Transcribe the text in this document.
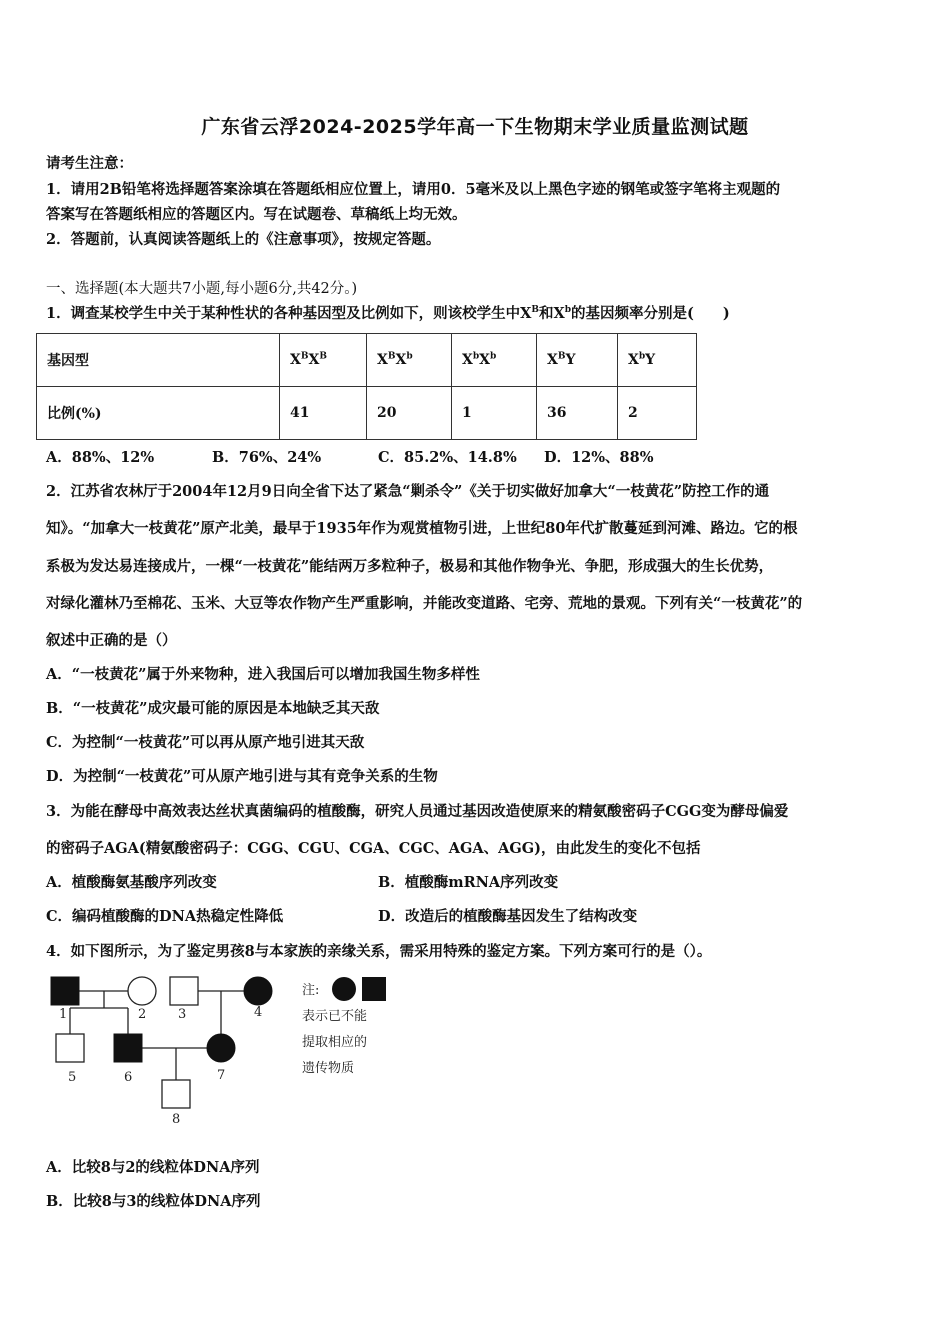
广东省云浮2024-2025学年高一下生物期末学业质量监测试题
请考生注意：
1．请用2B铅笔将选择题答案涂填在答题纸相应位置上，请用0．5毫米及以上黑色字迹的钢笔或签字笔将主观题的
答案写在答题纸相应的答题区内。写在试题卷、草稿纸上均无效。
2．答题前，认真阅读答题纸上的《注意事项》，按规定答题。
一、选择题(本大题共7小题,每小题6分,共42分。)
1．调查某校学生中关于某种性状的各种基因型及比例如下，则该校学生中$X^B$和$X^b$的基因频率分别是(　　)
基因型	$X^BX^B$	$X^BX^b$	$X^bX^b$	$X^BY$	$X^bY$
比例(%)	41	20	1	36	2
A．88%、12%	B．76%、24%	C．85.2%、14.8% D．12%、88%
2．江苏省农林厅于2004年12月9日向全省下达了紧急“剿杀令”《关于切实做好加拿大“一枝黄花”防控工作的通
知》。“加拿大一枝黄花”原产北美，最早于1935年作为观赏植物引进，上世纪80年代扩散蔓延到河滩、路边。它的根
系极为发达易连接成片，一棵“一枝黄花”能结两万多粒种子，极易和其他作物争光、争肥，形成强大的生长优势，
对绿化灌林乃至棉花、玉米、大豆等农作物产生严重影响，并能改变道路、宅旁、荒地的景观。下列有关“一枝黄花”的
叙述中正确的是（）
A．“一枝黄花”属于外来物种，进入我国后可以增加我国生物多样性
B．“一枝黄花”成灾最可能的原因是本地缺乏其天敌
C．为控制“一枝黄花”可以再从原产地引进其天敌
D．为控制“一枝黄花”可从原产地引进与其有竞争关系的生物
3．为能在酵母中高效表达丝状真菌编码的植酸酶，研究人员通过基因改造使原来的精氨酸密码子CGG变为酵母偏爱
的密码子AGA(精氨酸密码子：CGG、CGU、CGA、CGC、AGA、AGG)，由此发生的变化不包括
A．植酸酶氨基酸序列改变	B．植酸酶mRNA序列改变
C．编码植酸酶的DNA热稳定性降低	D．改造后的植酸酶基因发生了结构改变
4．如下图所示，为了鉴定男孩8与本家族的亲缘关系，需采用特殊的鉴定方案。下列方案可行的是（）。
1	2 3	4
5	6	7
8
注:
表示已不能
提取相应的
遗传物质
A．比较8与2的线粒体DNA序列
B．比较8与3的线粒体DNA序列
